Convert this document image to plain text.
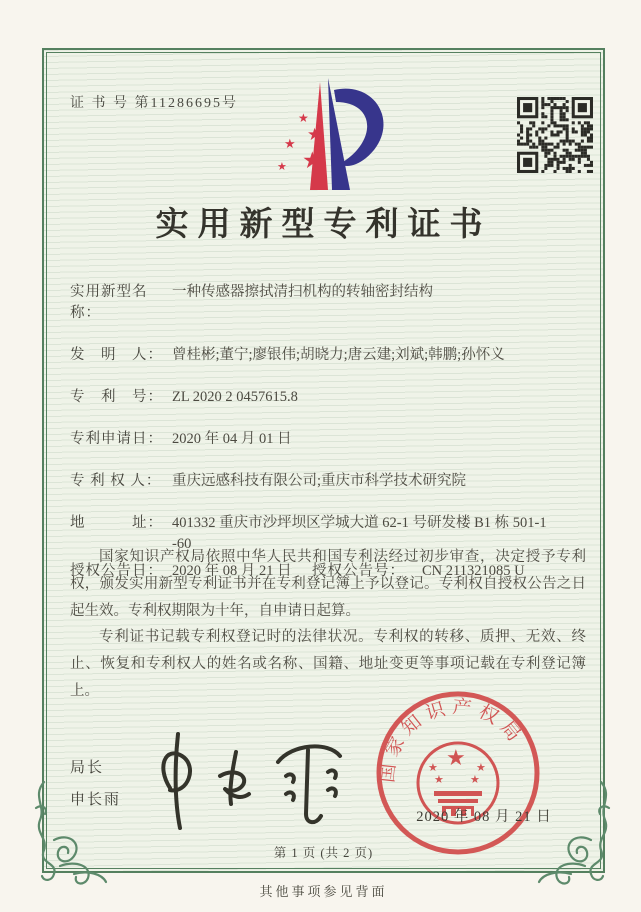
证 书 号 第11286695号
★
★
★
★
★
实用新型专利证书
实用新型名称：
一种传感器擦拭清扫机构的转轴密封结构
发　明　人： 曾桂彬;董宁;廖银伟;胡晓力;唐云建;刘斌;韩鹏;孙怀义
专　利　号： ZL 2020 2 0457615.8
专利申请日： 2020 年 04 月 01 日
专 利 权 人： 重庆远感科技有限公司;重庆市科学技术研究院
地　　　址： 401332 重庆市沙坪坝区学城大道 62-1 号研发楼 B1 栋 501-1
-60
授权公告日： 2020 年 08 月 21 日	授权公告号：	CN 211321085 U

国家知识产权局依照中华人民共和国专利法经过初步审查，决定授予专利权，颁发实用新型专利证书并在专利登记簿上予以登记。专利权自授权公告之日起生效。专利权期限为十年，自申请日起算。

专利证书记载专利权登记时的法律状况。专利权的转移、质押、无效、终止、恢复和专利权人的姓名或名称、国籍、地址变更等事项记载在专利登记簿上。

局长
申长雨
国家知识产权局
★
★	★
★ ★
2020 年 08 月 21 日
第 1 页 (共 2 页)
其他事项参见背面
